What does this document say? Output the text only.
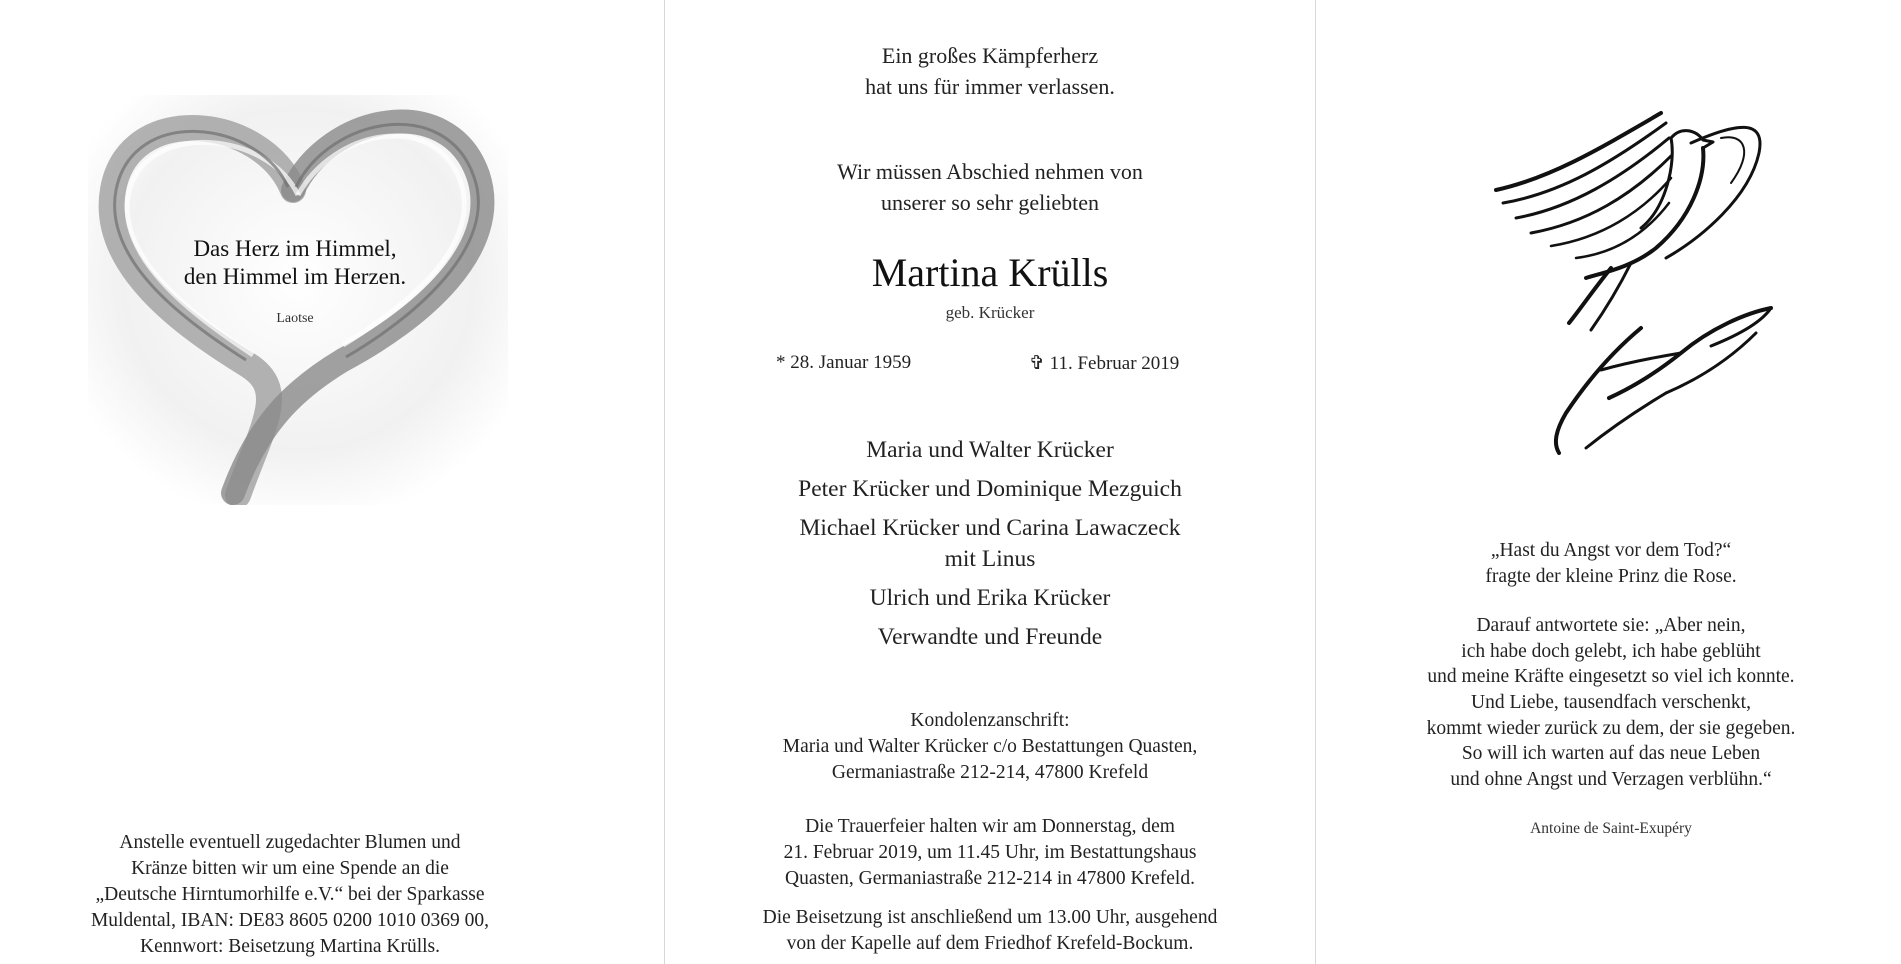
Das Herz im Himmel,
den Himmel im Herzen.
Laotse
Anstelle eventuell zugedachter Blumen und
Kränze bitten wir um eine Spende an die
„Deutsche Hirntumorhilfe e.V.“ bei der Sparkasse
Muldental, IBAN: DE83 8605 0200 1010 0369 00,
Kennwort: Beisetzung Martina Krülls.
Ein großes Kämpferherz
hat uns für immer verlassen.
Wir müssen Abschied nehmen von
unserer so sehr geliebten
Martina Krülls
geb. Krücker
* 28. Januar 1959	✞ 11. Februar 2019
Maria und Walter Krücker
Peter Krücker und Dominique Mezguich
Michael Krücker und Carina Lawaczeck
mit Linus
Ulrich und Erika Krücker
Verwandte und Freunde
Kondolenzanschrift:
Maria und Walter Krücker c/o Bestattungen Quasten,
Germaniastraße 212-214, 47800 Krefeld
Die Trauerfeier halten wir am Donnerstag, dem
21. Februar 2019, um 11.45 Uhr, im Bestattungshaus
Quasten, Germaniastraße 212-214 in 47800 Krefeld.
Die Beisetzung ist anschließend um 13.00 Uhr, ausgehend
von der Kapelle auf dem Friedhof Krefeld-Bockum.
„Hast du Angst vor dem Tod?“
fragte der kleine Prinz die Rose.
Darauf antwortete sie: „Aber nein,
ich habe doch gelebt, ich habe geblüht
und meine Kräfte eingesetzt so viel ich konnte.
Und Liebe, tausendfach verschenkt,
kommt wieder zurück zu dem, der sie gegeben.
So will ich warten auf das neue Leben
und ohne Angst und Verzagen verblühn.“
Antoine de Saint-Exupéry
